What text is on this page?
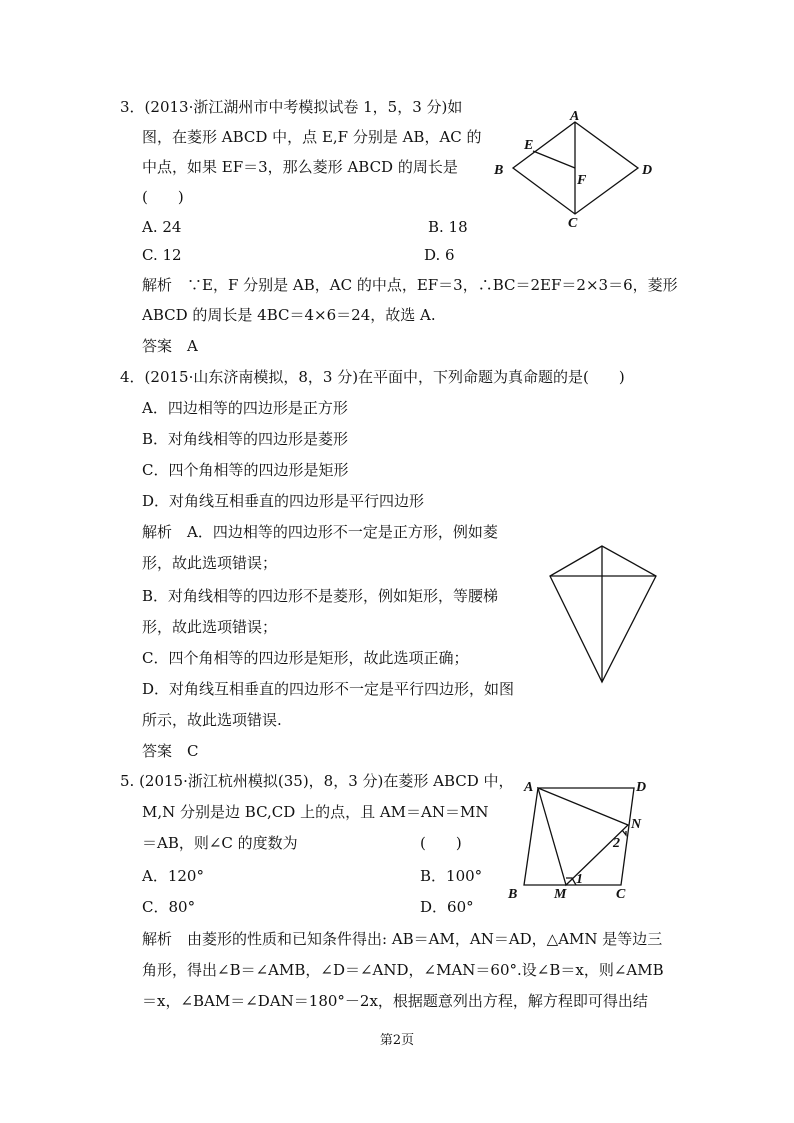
3．(2013·浙江湖州市中考模拟试卷 1，5，3 分)如
图，在菱形 ABCD 中，点 E,F 分别是 AB，AC 的
中点，如果 EF＝3，那么菱形 ABCD 的周长是
(　　)
A. 24	B. 18
C. 12	D. 6
解析　∵E，F 分别是 AB，AC 的中点，EF＝3，∴BC＝2EF＝2×3＝6，菱形
ABCD 的周长是 4BC＝4×6＝24，故选 A.
答案　A
A
B
C
D
E
F
4．(2015·山东济南模拟，8，3 分)在平面中，下列命题为真命题的是(　　)
A．四边相等的四边形是正方形
B．对角线相等的四边形是菱形
C．四个角相等的四边形是矩形
D．对角线互相垂直的四边形是平行四边形
解析　A．四边相等的四边形不一定是正方形，例如菱
形，故此选项错误；
B．对角线相等的四边形不是菱形，例如矩形，等腰梯
形，故此选项错误；
C．四个角相等的四边形是矩形，故此选项正确；
D．对角线互相垂直的四边形不一定是平行四边形，如图
所示，故此选项错误.
答案　C
5. (2015·浙江杭州模拟(35)，8，3 分)在菱形 ABCD 中，
M,N 分别是边 BC,CD 上的点，且 AM＝AN＝MN
＝AB，则∠C 的度数为	(　　)
A．120°	B．100°
C．80°	D．60°
解析　由菱形的性质和已知条件得出: AB＝AM，AN＝AD，△AMN 是等边三
角形，得出∠B＝∠AMB，∠D＝∠AND，∠MAN＝60°.设∠B＝x，则∠AMB
＝x，∠BAM＝∠DAN＝180°－2x，根据题意列出方程，解方程即可得出结
A	D
B	C
M
N
1
2
第2页
